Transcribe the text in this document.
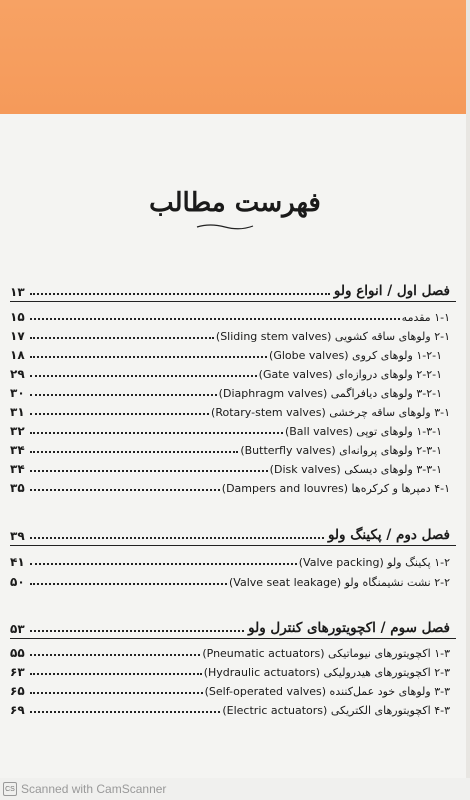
فهرست مطالب
فصل اول / انواع ولو
۱۳
۱-۱ مقدمه
۱۵
۲-۱ ولوهای ساقه کشویی (Sliding stem valves)
۱۷
۱-۲-۱ ولوهای کروی (Globe valves)
۱۸
۲-۲-۱ ولوهای دروازه‌ای (Gate valves)
۲۹
۳-۲-۱ ولوهای دیافراگمی (Diaphragm valves)
۳۰
۳-۱ ولوهای ساقه چرخشی (Rotary-stem valves)
۳۱
۱-۳-۱ ولوهای توپی (Ball valves)
۳۲
۲-۳-۱ ولوهای پروانه‌ای (Butterfly valves)
۳۴
۳-۳-۱ ولوهای دیسکی (Disk valves)
۳۴
۴-۱ دمپرها و کرکره‌ها (Dampers and louvres)
۳۵
فصل دوم / پکینگ ولو
۳۹
۱-۲ پکینگ ولو (Valve packing)
۴۱
۲-۲ نشت نشیمنگاه ولو (Valve seat leakage)
۵۰
فصل سوم / اکچویتورهای کنترل ولو
۵۳
۱-۳ اکچویتورهای نیوماتیکی (Pneumatic actuators)
۵۵
۲-۳ اکچویتورهای هیدرولیکی (Hydraulic actuators)
۶۳
۳-۳ ولوهای خود عمل‌کننده (Self-operated valves)
۶۵
۴-۳ اکچویتورهای الکتریکی (Electric actuators)
۶۹
CS Scanned with CamScanner
